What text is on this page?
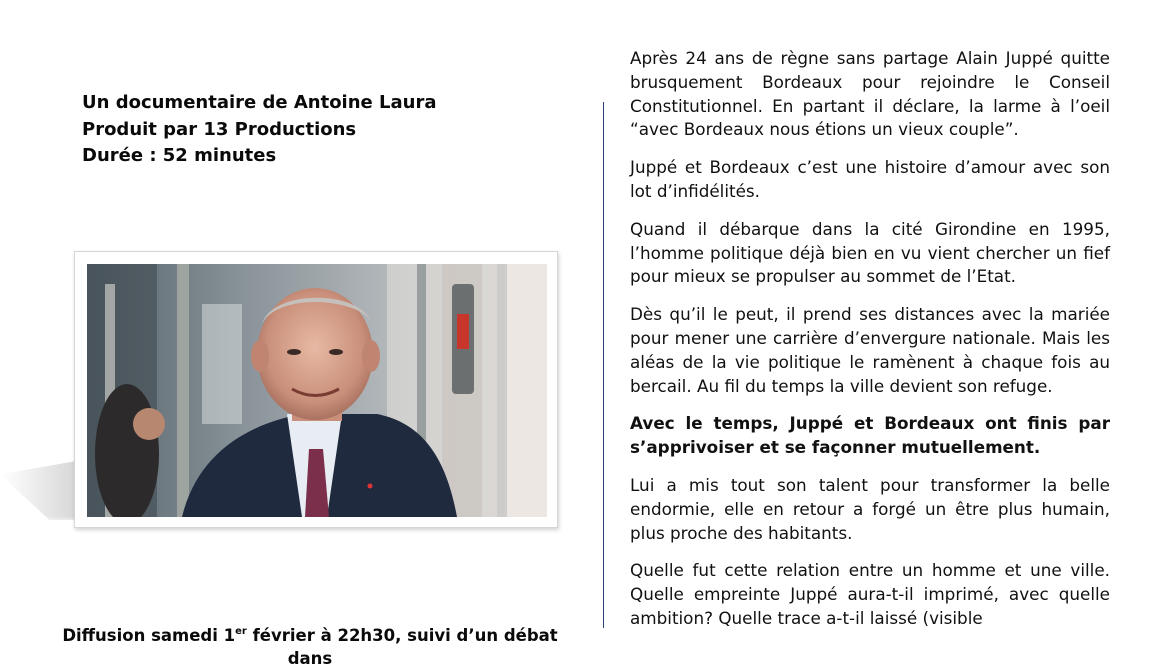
Un documentaire de Antoine Laura
Produit par 13 Productions
Durée : 52 minutes
Diffusion samedi 1er février à 22h30, suivi d’un débat dans

Après 24 ans de règne sans partage Alain Juppé quitte brusquement Bordeaux pour rejoindre le Conseil Constitutionnel. En partant il déclare, la larme à l’oeil “avec Bordeaux nous étions un vieux couple”.

Juppé et Bordeaux c’est une histoire d’amour avec son lot d’infidélités.

Quand il débarque dans la cité Girondine en 1995, l’homme politique déjà bien en vu vient chercher un fief pour mieux se propulser au sommet de l’Etat.

Dès qu’il le peut, il prend ses distances avec la mariée pour mener une carrière d’envergure nationale. Mais les aléas de la vie politique le ramènent à chaque fois au bercail. Au fil du temps la ville devient son refuge.

Avec le temps, Juppé et Bordeaux ont finis par s’apprivoiser et se façonner mutuellement.

Lui a mis tout son talent pour transformer la belle endormie, elle en retour a forgé un être plus humain, plus proche des habitants.

Quelle fut cette relation entre un homme et une ville. Quelle empreinte Juppé aura-t-il imprimé, avec quelle ambition? Quelle trace a-t-il laissé (visible
